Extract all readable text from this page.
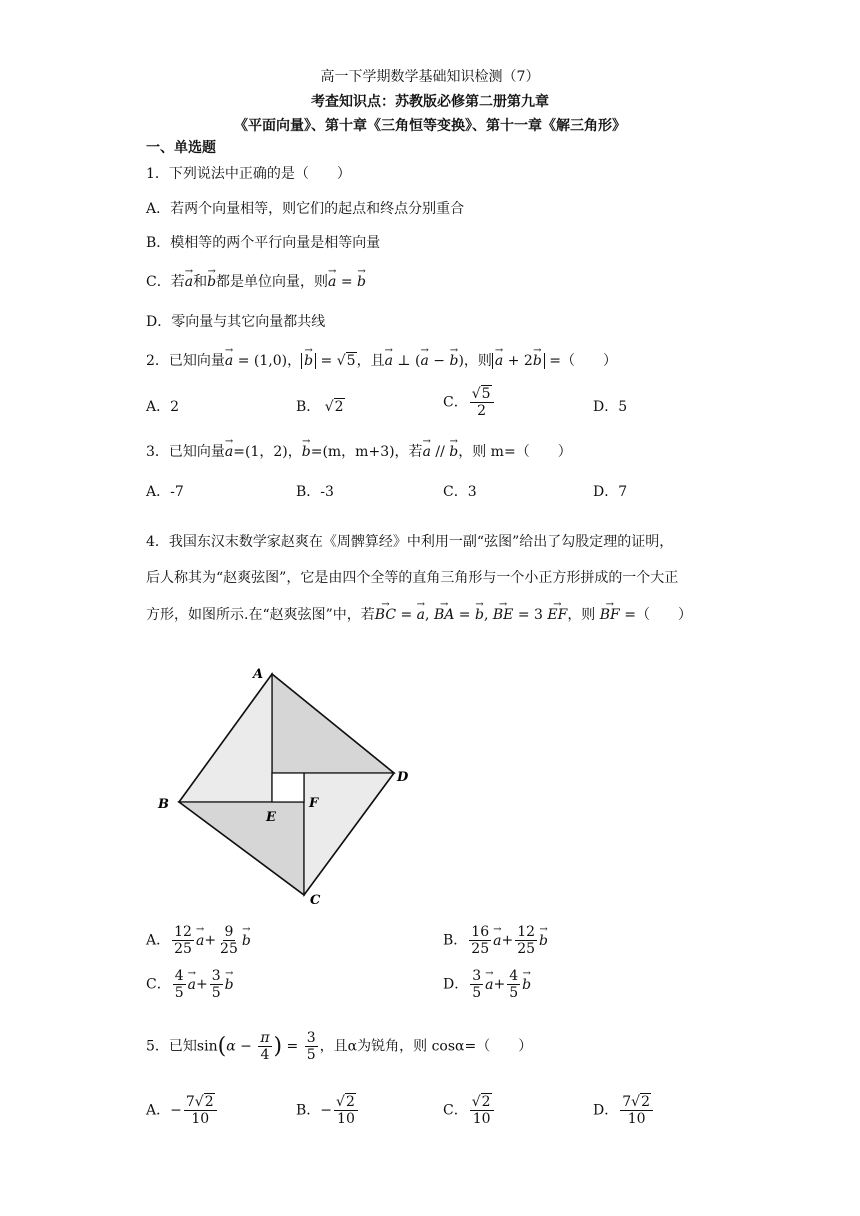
高一下学期数学基础知识检测（7）
考查知识点：苏教版必修第二册第九章
《平面向量》、第十章《三角恒等变换》、第十一章《解三角形》
一、单选题
1．下列说法中正确的是（　　）
A．若两个向量相等，则它们的起点和终点分别重合
B．模相等的两个平行向量是相等向量
C．若→ a和→ b都是单位向量，则→ a = → b
D．零向量与其它向量都共线
2．已知向量→ a = (1,0)，→ b = √5，且→ a ⊥ (→ a − → b)，则→ a + 2→ b =（　　）
A．2	B． √2	C． $\frac{√5}{2}$	D．5
3．已知向量→ a=(1，2)，→ b=(m，m+3)，若→ a // → b，则 m=（　　）
A．-7	B．-3	C．3	D．7
4．我国东汉末数学家赵爽在《周髀算经》中利用一副“弦图”给出了勾股定理的证明，
后人称其为“赵爽弦图”，它是由四个全等的直角三角形与一个小正方形拼成的一个大正
方形，如图所示.在“赵爽弦图”中，若→ BC = → a, → BA = → b, → BE = 3 → EF，则 → BF =（　　）
A
B
C
D
E
F
A． $\frac{12}{25}$
→ $a+ \frac{9}{25}$
→ b	B． $\frac{16}{25}$
→ $a+ \frac{12}{25}$
→ b
C． $\frac{4}{5}$
→ $a+ \frac{3}{5}$
→ b	D． $\frac{3}{5}$
→ $a+ \frac{4}{5}$
→ b
5．已知$\sin(\alpha - \frac{\pi}{4}$ ) = $\frac{3}{5}$ ，且α为锐角，则 cosα=（　　）
A．− $\frac{7√2}{10}$	B．− $\frac{√2}{10}$	C． $\frac{√2}{10}$	D． $\frac{7√2}{10}$
